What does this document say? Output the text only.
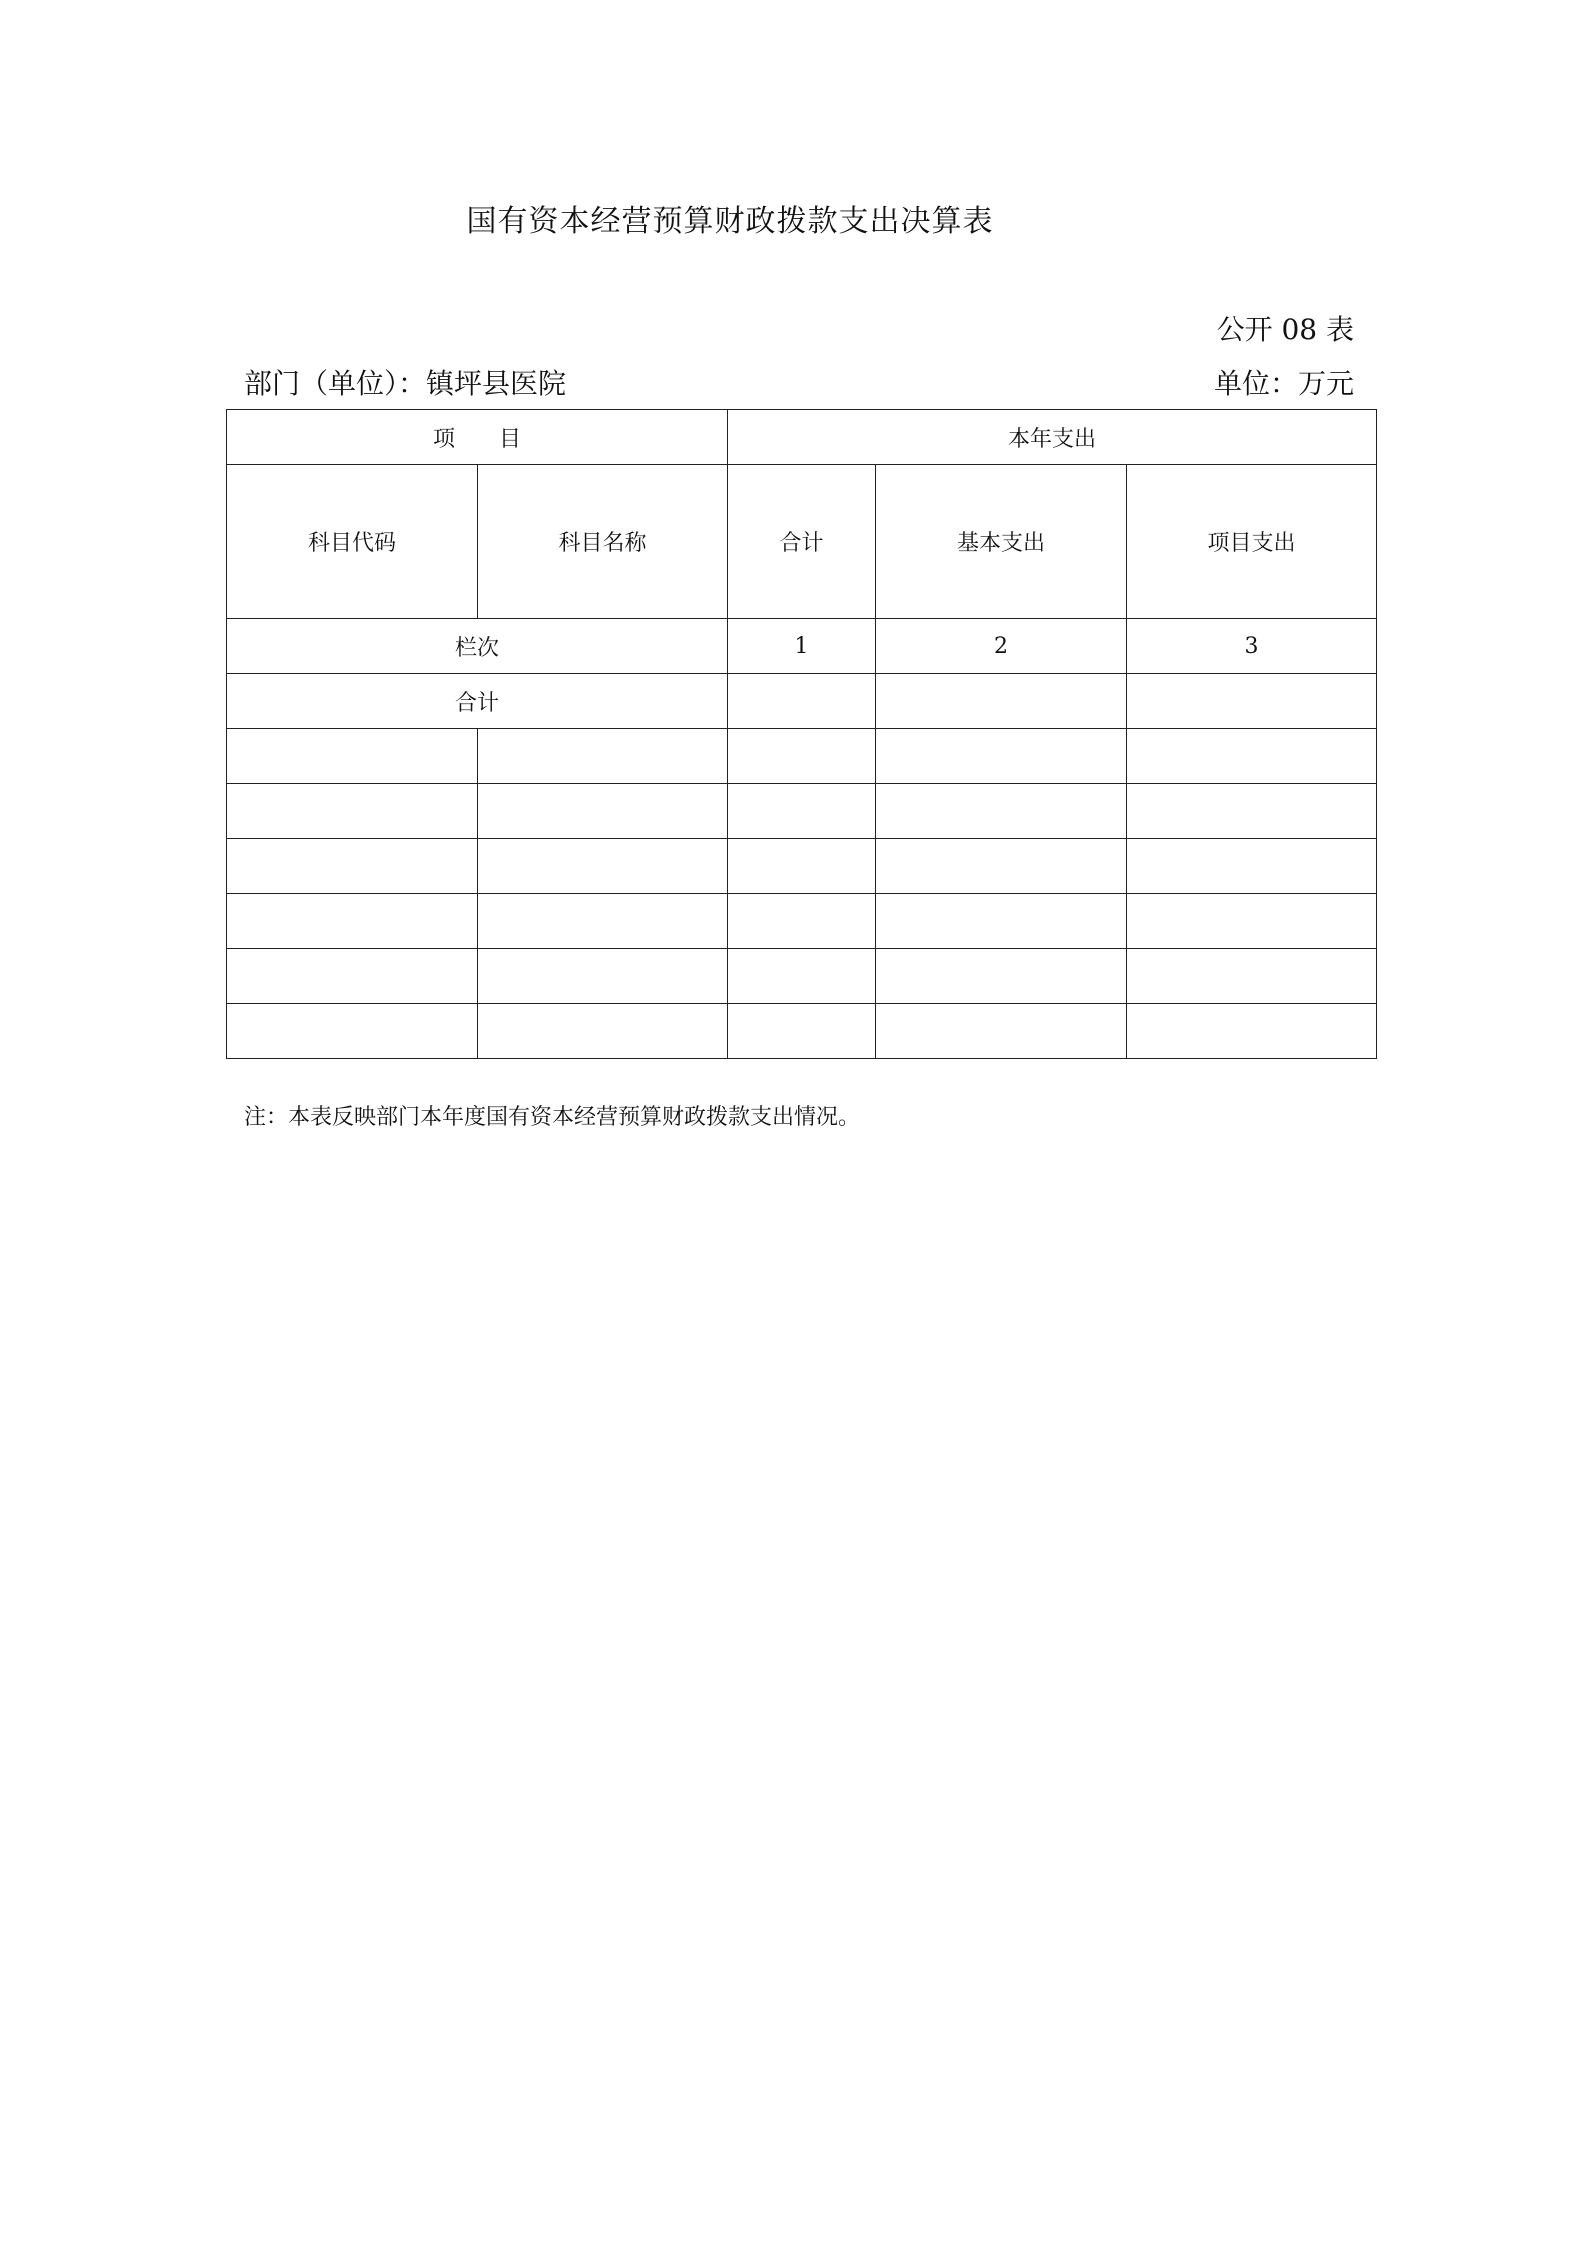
国有资本经营预算财政拨款支出决算表
公开 08 表
部门（单位）：镇坪县医院	单位：万元
项　　目		本年支出		
科目代码	科目名称	合计	基本支出	项目支出
栏次		1	2	3
合计				

注：本表反映部门本年度国有资本经营预算财政拨款支出情况。
